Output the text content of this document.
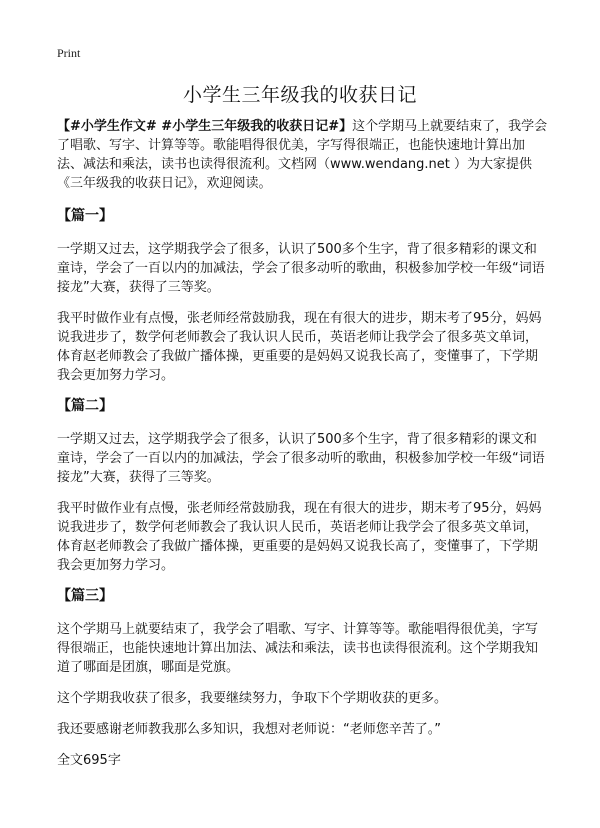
Print
小学生三年级我的收获日记

【#小学生作文# #小学生三年级我的收获日记#】这个学期马上就要结束了，我学会了唱歌、写字、计算等等。歌能唱得很优美，字写得很端正，也能快速地计算出加法、减法和乘法，读书也读得很流利。文档网（www.wendang.net ）为大家提供《三年级我的收获日记》，欢迎阅读。

【篇一】

一学期又过去，这学期我学会了很多，认识了500多个生字，背了很多精彩的课文和童诗，学会了一百以内的加减法，学会了很多动听的歌曲，积极参加学校一年级“词语接龙”大赛，获得了三等奖。

我平时做作业有点慢，张老师经常鼓励我，现在有很大的进步，期末考了95分，妈妈说我进步了，数学何老师教会了我认识人民币，英语老师让我学会了很多英文单词，体育赵老师教会了我做广播体操，更重要的是妈妈又说我长高了，变懂事了，下学期我会更加努力学习。

【篇二】

一学期又过去，这学期我学会了很多，认识了500多个生字，背了很多精彩的课文和童诗，学会了一百以内的加减法，学会了很多动听的歌曲，积极参加学校一年级“词语接龙”大赛，获得了三等奖。

我平时做作业有点慢，张老师经常鼓励我，现在有很大的进步，期末考了95分，妈妈说我进步了，数学何老师教会了我认识人民币，英语老师让我学会了很多英文单词，体育赵老师教会了我做广播体操，更重要的是妈妈又说我长高了，变懂事了，下学期我会更加努力学习。

【篇三】

这个学期马上就要结束了，我学会了唱歌、写字、计算等等。歌能唱得很优美，字写得很端正，也能快速地计算出加法、减法和乘法，读书也读得很流利。这个学期我知道了哪面是团旗，哪面是党旗。

这个学期我收获了很多，我要继续努力，争取下个学期收获的更多。

我还要感谢老师教我那么多知识，我想对老师说：“老师您辛苦了。”

全文695字
